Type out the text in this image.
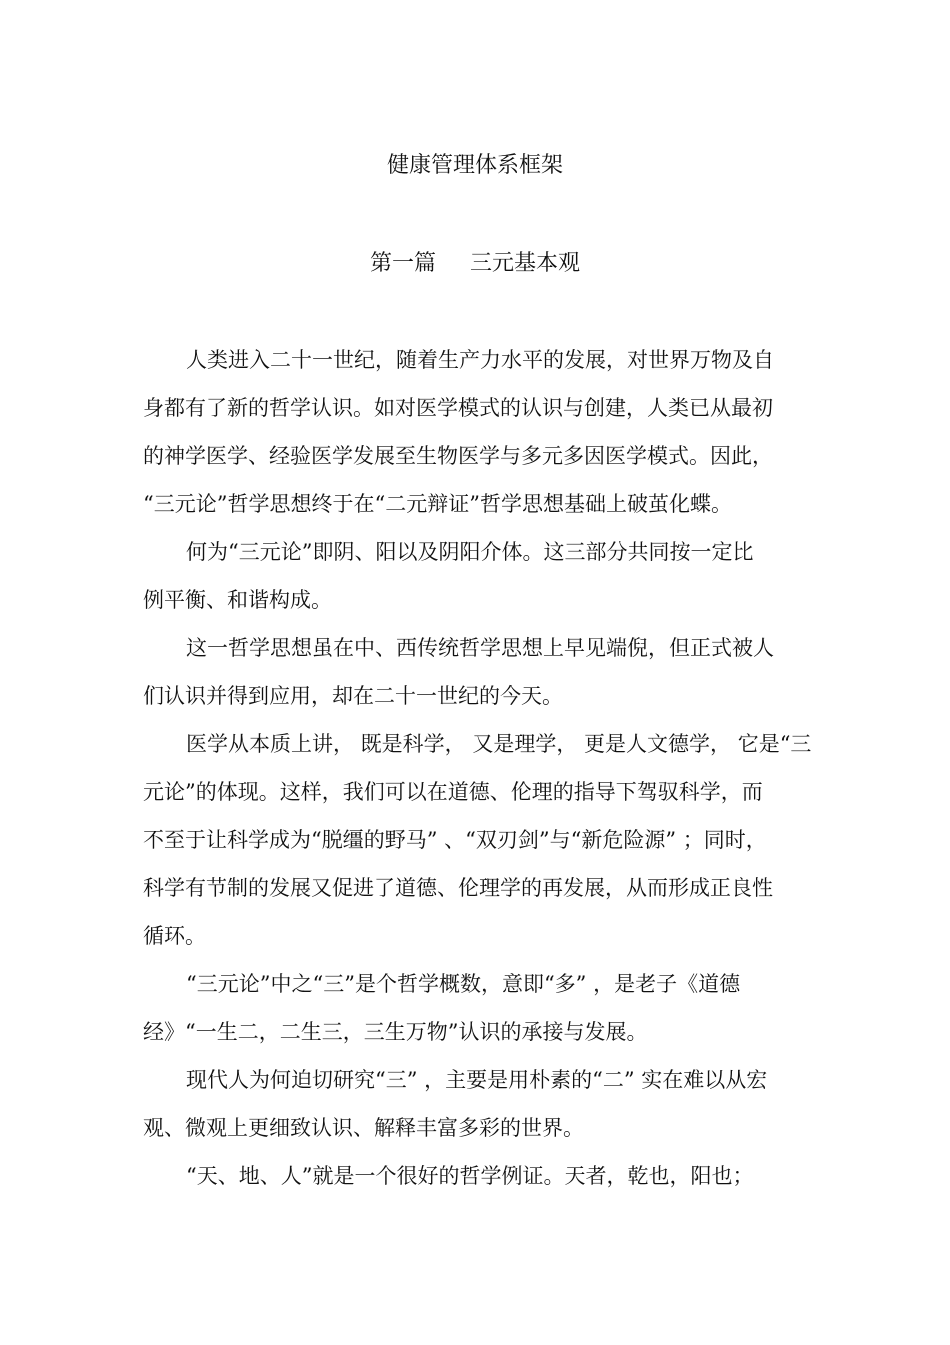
健康管理体系框架
第一篇 三元基本观
人类进入二十一世纪，随着生产力水平的发展，对世界万物及自
身都有了新的哲学认识。如对医学模式的认识与创建，人类已从最初
的神学医学、经验医学发展至生物医学与多元多因医学模式。因此，
“三元论”哲学思想终于在“二元辩证”哲学思想基础上破茧化蝶。
何为“三元论”即阴、阳以及阴阳介体。这三部分共同按一定比
例平衡、和谐构成。
这一哲学思想虽在中、西传统哲学思想上早见端倪，但正式被人
们认识并得到应用，却在二十一世纪的今天。
医学从本质上讲， 既是科学， 又是理学， 更是人文德学， 它是“三
元论”的体现。这样，我们可以在道德、伦理的指导下驾驭科学，而
不至于让科学成为“脱缰的野马” 、“双刃剑”与“新危险源” ；同时，
科学有节制的发展又促进了道德、伦理学的再发展，从而形成正良性
循环。
“三元论”中之“三”是个哲学概数，意即“多” ，是老子《道德
经》“一生二，二生三，三生万物”认识的承接与发展。
现代人为何迫切研究“三” ，主要是用朴素的“二” 实在难以从宏
观、微观上更细致认识、解释丰富多彩的世界。
“天、地、人”就是一个很好的哲学例证。天者，乾也，阳也；
